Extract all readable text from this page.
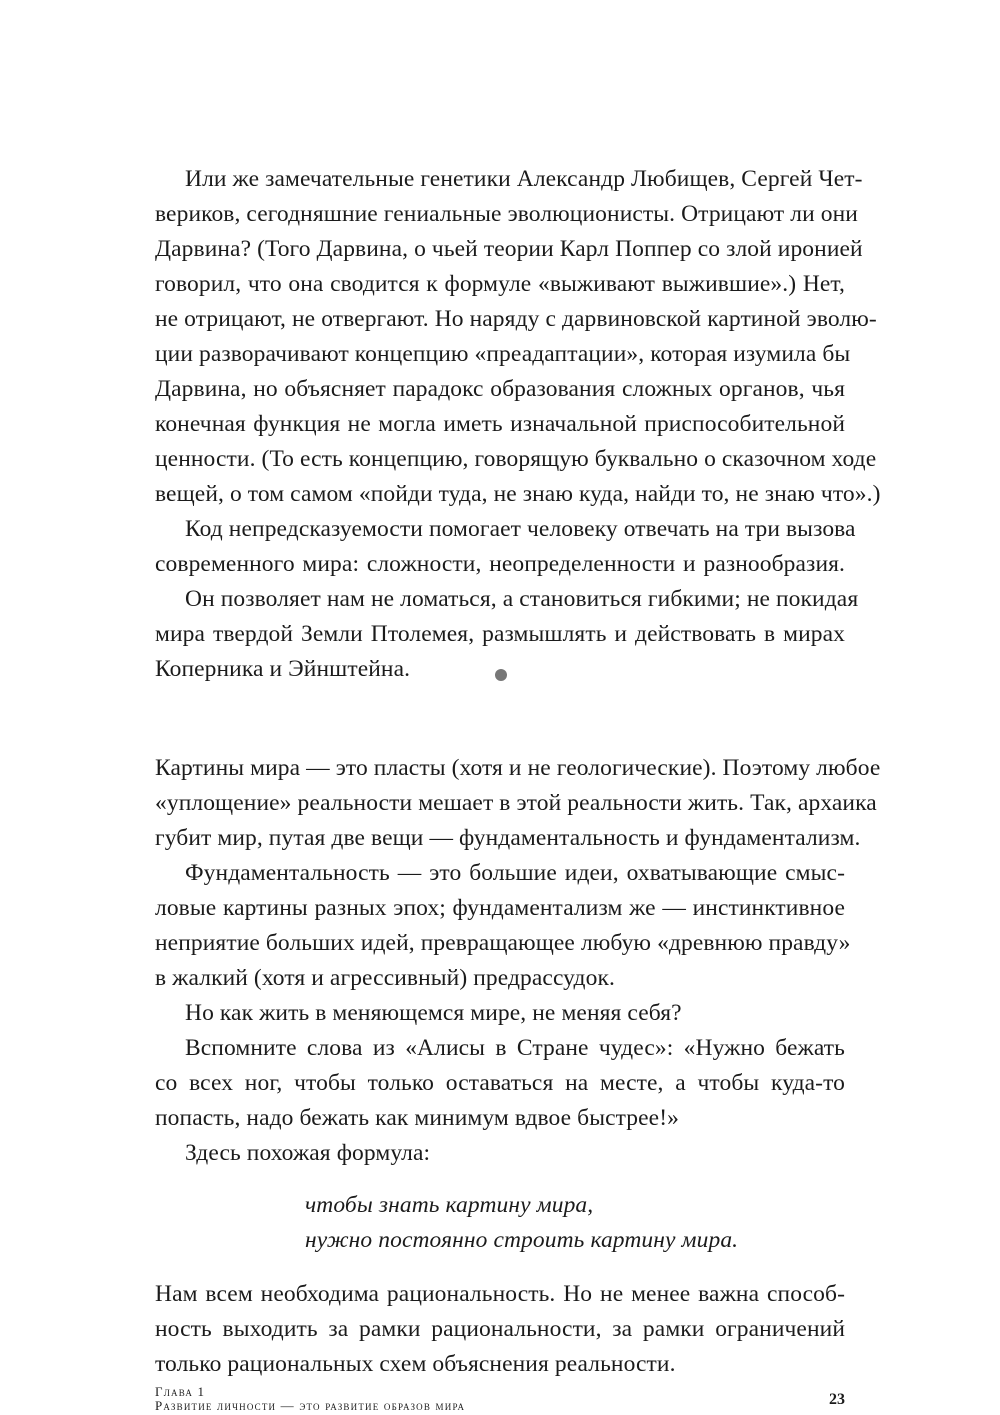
Или же замечательные генетики Александр Любищев, Сергей Чет-
вериков, сегодняшние гениальные эволюционисты. Отрицают ли они
Дарвина? (Того Дарвина, о чьей теории Карл Поппер со злой иронией
говорил, что она сводится к формуле «выживают выжившие».) Нет,
не отрицают, не отвергают. Но наряду с дарвиновской картиной эволю-
ции разворачивают концепцию «преадаптации», которая изумила бы
Дарвина, но объясняет парадокс образования сложных органов, чья
конечная функция не могла иметь изначальной приспособительной
ценности. (То есть концепцию, говорящую буквально о сказочном ходе
вещей, о том самом «пойди туда, не знаю куда, найди то, не знаю что».)
Код непредсказуемости помогает человеку отвечать на три вызова
современного мира: сложности, неопределенности и разнообразия.
Он позволяет нам не ломаться, а становиться гибкими; не покидая
мира твердой Земли Птолемея, размышлять и действовать в мирах
Коперника и Эйнштейна.
Картины мира — это пласты (хотя и не геологические). Поэтому любое
«уплощение» реальности мешает в этой реальности жить. Так, архаика
губит мир, путая две вещи — фундаментальность и фундаментализм.
Фундаментальность — это большие идеи, охватывающие смыс-
ловые картины разных эпох; фундаментализм же — инстинктивное
неприятие больших идей, превращающее любую «древнюю правду»
в жалкий (хотя и агрессивный) предрассудок.
Но как жить в меняющемся мире, не меняя себя?
Вспомните слова из «Алисы в Стране чудес»: «Нужно бежать
со всех ног, чтобы только оставаться на месте, а чтобы куда-то
попасть, надо бежать как минимум вдвое быстрее!»
Здесь похожая формула:
чтобы знать картину мира,
нужно постоянно строить картину мира.
Нам всем необходима рациональность. Но не менее важна способ-
ность выходить за рамки рациональности, за рамки ограничений
только рациональных схем объяснения реальности.
Глава 1
Развитие личности — это развитие образов мира	23
